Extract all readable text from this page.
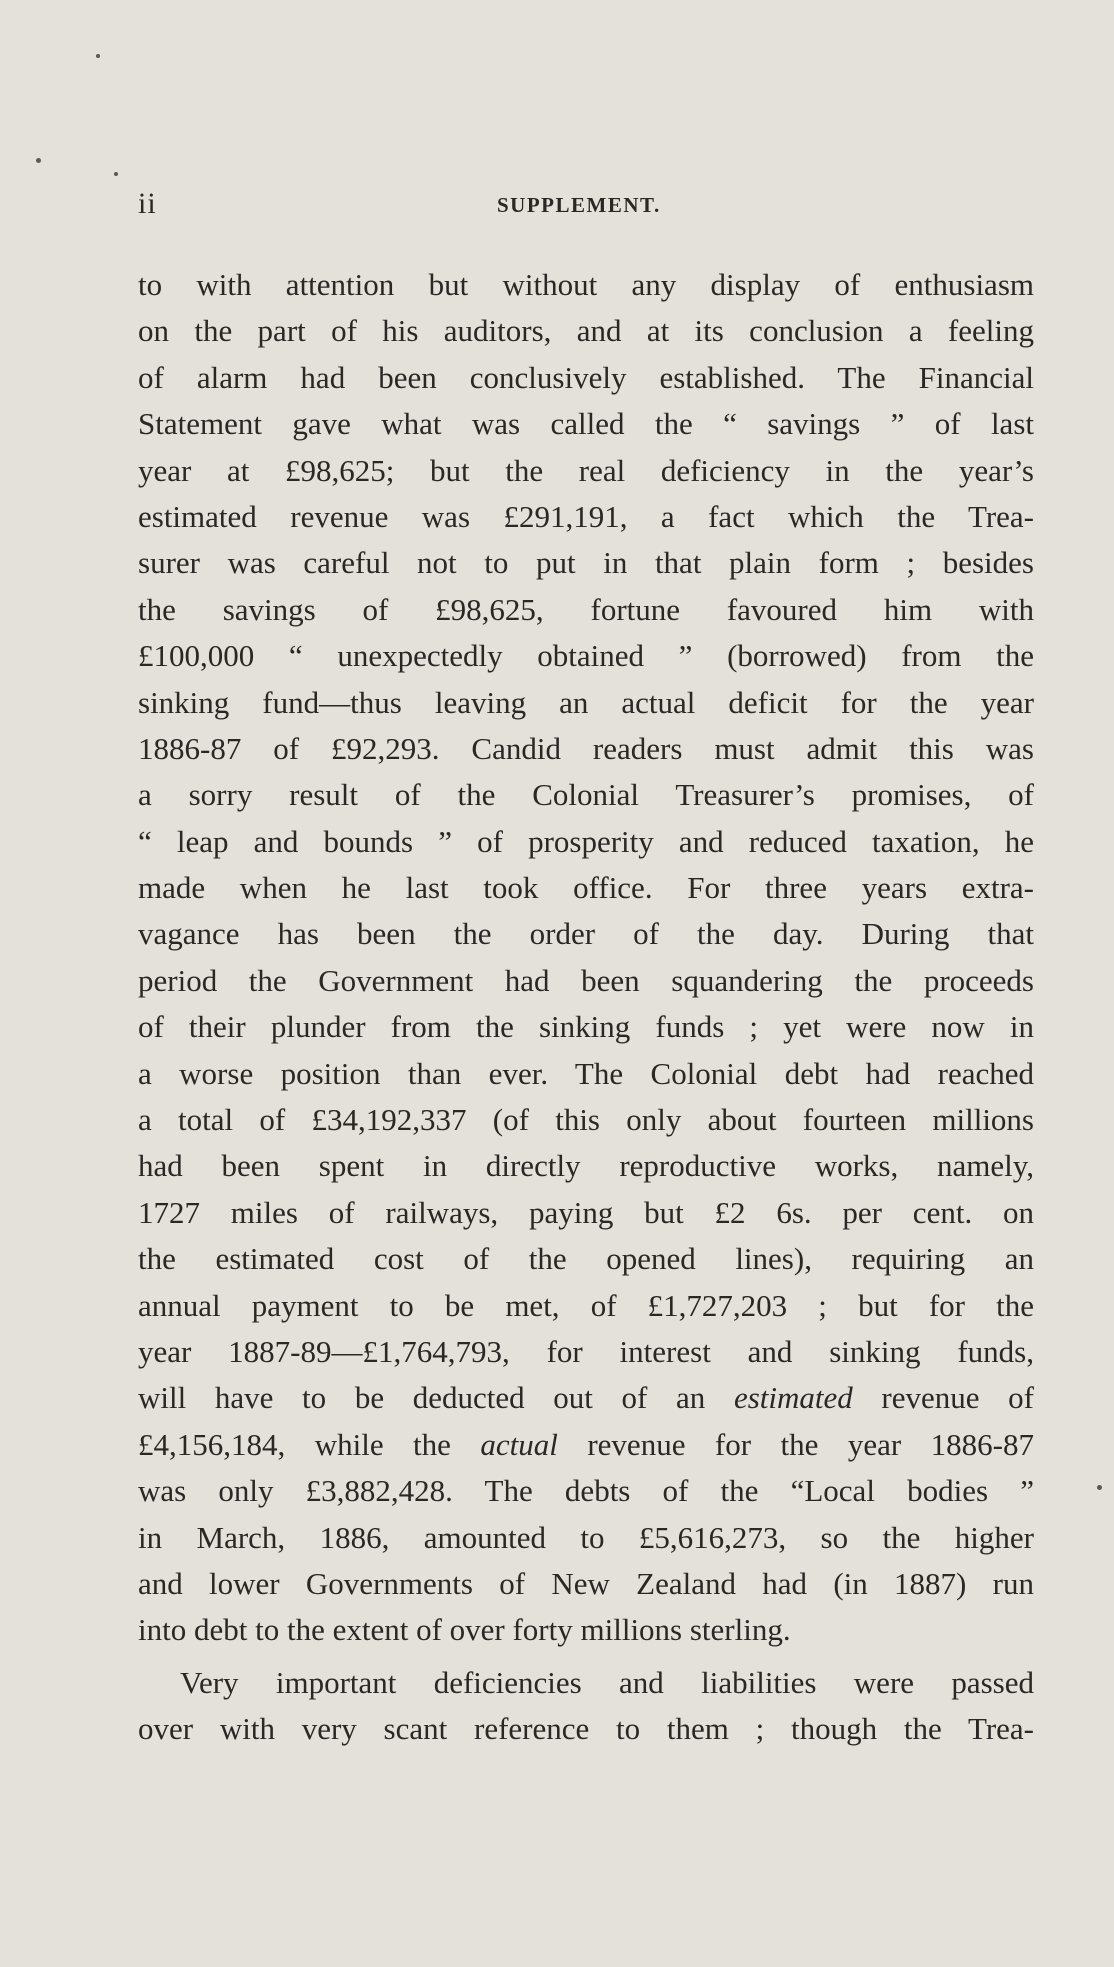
ii	SUPPLEMENT.
to with attention but without any display of enthusiasm
on the part of his auditors, and at its conclusion a feeling
of alarm had been conclusively established. The Financial
Statement gave what was called the “ savings ” of last
year at £98,625; but the real deficiency in the year’s
estimated revenue was £291,191, a fact which the Trea-
surer was careful not to put in that plain form ; besides
the savings of £98,625, fortune favoured him with
£100,000 “ unexpectedly obtained ” (borrowed) from the
sinking fund—thus leaving an actual deficit for the year
1886-87 of £92,293. Candid readers must admit this was
a sorry result of the Colonial Treasurer’s promises, of
“ leap and bounds ” of prosperity and reduced taxation, he
made when he last took office. For three years extra-
vagance has been the order of the day. During that
period the Government had been squandering the proceeds
of their plunder from the sinking funds ; yet were now in
a worse position than ever. The Colonial debt had reached
a total of £34,192,337 (of this only about fourteen millions
had been spent in directly reproductive works, namely,
1727 miles of railways, paying but £2 6s. per cent. on
the estimated cost of the opened lines), requiring an
annual payment to be met, of £1,727,203 ; but for the
year 1887-89—£1,764,793, for interest and sinking funds,
will have to be deducted out of an estimated revenue of
£4,156,184, while the actual revenue for the year 1886-87
was only £3,882,428. The debts of the “Local bodies ”
in March, 1886, amounted to £5,616,273, so the higher
and lower Governments of New Zealand had (in 1887) run
into debt to the extent of over forty millions sterling.
Very important deficiencies and liabilities were passed
over with very scant reference to them ; though the Trea-
